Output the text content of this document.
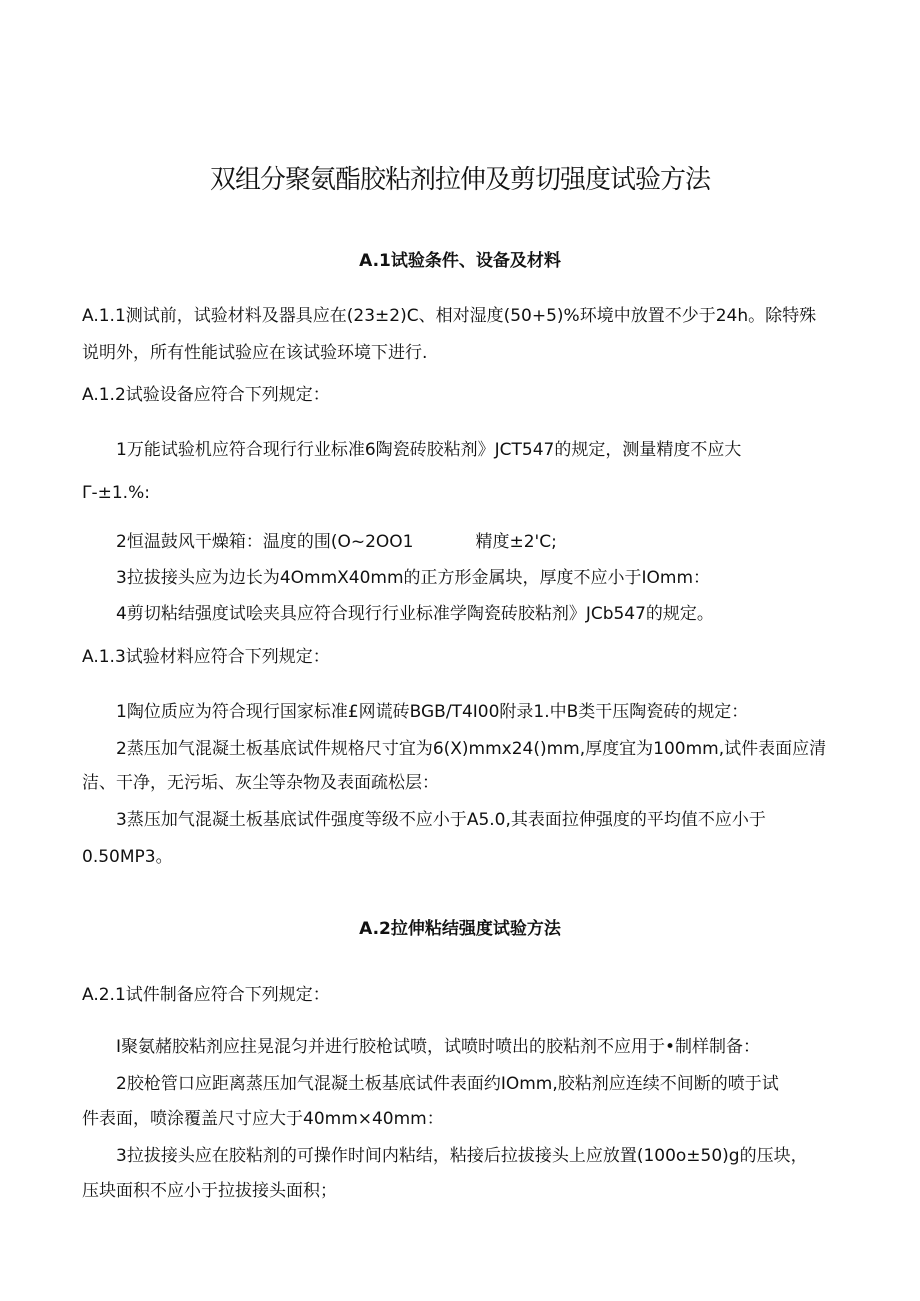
双组分聚氨酯胶粘剂拉伸及剪切强度试验方法
A.1试验条件、设备及材料

A.1.1测试前，试验材料及器具应在(23±2)C、相对湿度(50+5)%环境中放置不少于24h。除特殊

说明外，所有性能试验应在该试验环境下进行.

A.1.2试验设备应符合下列规定：

1万能试验机应符合现行行业标准6陶瓷砖胶粘剂》JCT547的规定，测量精度不应大

Γ-±1.%:

2恒温鼓风干燥箱：温度的围(O~2OO1	精度±2'C;

3拉拔接头应为边长为4OmmX40mm的正方形金属块，厚度不应小于IOmm：

4剪切粘结强度试哙夹具应符合现行行业标准学陶瓷砖胶粘剂》JCb547的规定。

A.1.3试验材料应符合下列规定：

1陶位质应为符合现行国家标准£网谎砖BGB/T4I00附录1.中B类干压陶瓷砖的规定：

2蒸压加气混凝土板基底试件规格尺寸宜为6(X)mmx24()mm,厚度宜为100mm,试件表面应清

洁、干净，无污垢、灰尘等杂物及表面疏松层：

3蒸压加气混凝土板基底试件强度等级不应小于A5.0,其表面拉伸强度的平均值不应小于

0.50MP3。

A.2拉伸粘结强度试验方法

A.2.1试件制备应符合下列规定：

I聚氨赭胶粘剂应拄晃混匀并进行胶枪试喷，试喷时喷出的胶粘剂不应用于•制样制备：

2胶枪管口应距离蒸压加气混凝土板基底试件表面约IOmm,胶粘剂应连续不间断的喷于试

件表面，喷涂覆盖尺寸应大于40mm×40mm：

3拉拔接头应在胶粘剂的可操作时间内粘结，粘接后拉拔接头上应放置(100o±50)g的压块，

压块面积不应小于拉拔接头面积；
